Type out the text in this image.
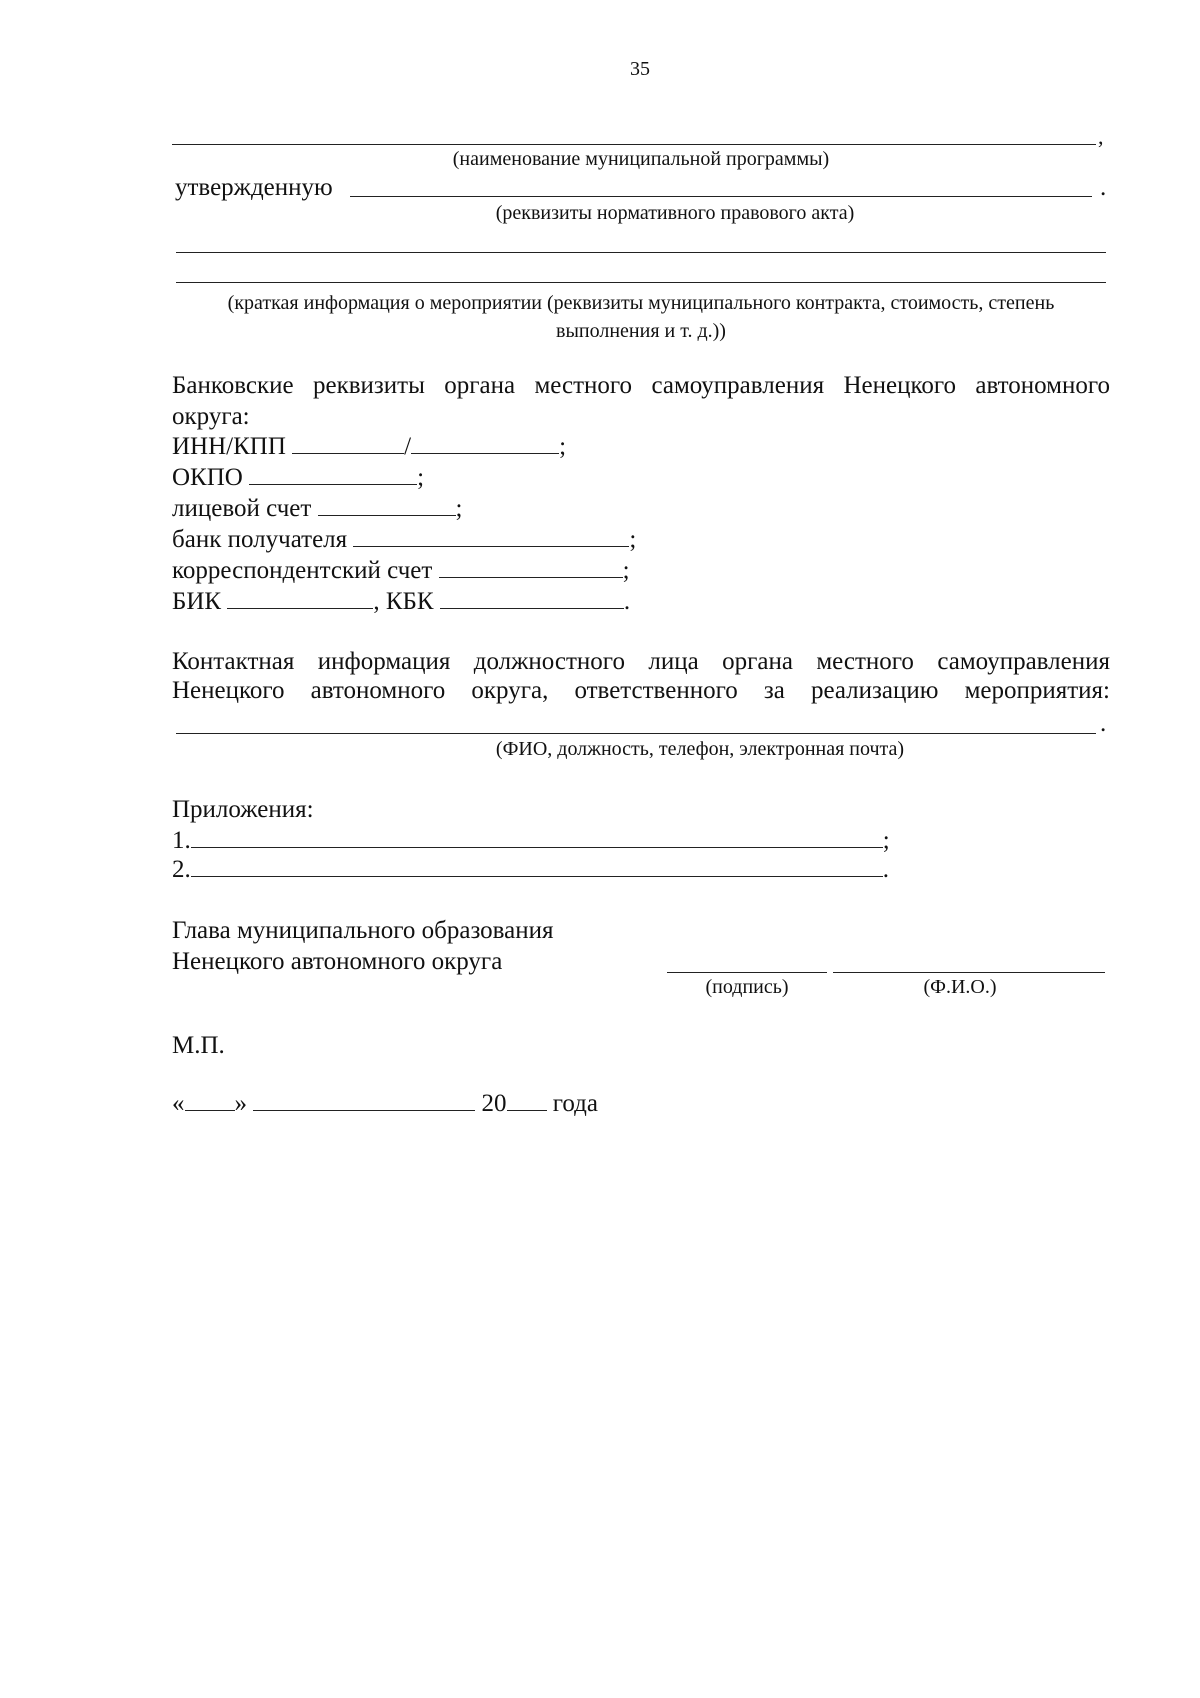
35
,
(наименование муниципальной программы)
утвержденную	.
(реквизиты нормативного правового акта)
(краткая информация о мероприятии (реквизиты муниципального контракта, стоимость, степень
выполнения и т. д.))
Банковские реквизиты органа местного самоуправления Ненецкого автономного
округа:
ИНН/КПП	/	;
ОКПО	;
лицевой счет	;
банк получателя	;
корреспондентский счет	;
БИК	, КБК	.
Контактная информация должностного лица органа местного самоуправления
Ненецкого автономного округа, ответственного за реализацию мероприятия:
.
(ФИО, должность, телефон, электронная почта)
Приложения:
1.	;
2.	.
Глава муниципального образования
Ненецкого автономного округа
(подпись)	(Ф.И.О.)
М.П.
« »	20 года
